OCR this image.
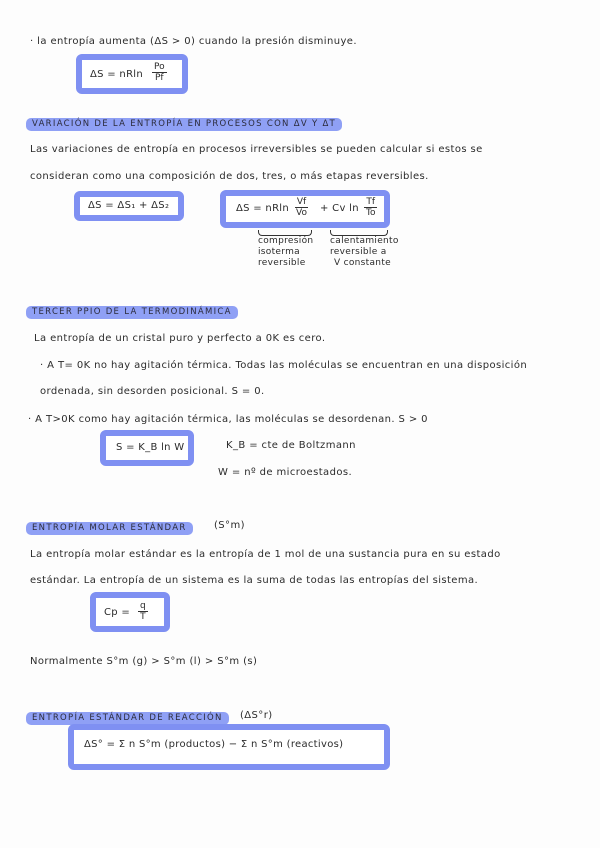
· la entropía aumenta (ΔS > 0) cuando la presión disminuye.
ΔS = nRln $\frac{Po}{Pf}$
VARIACIÓN DE LA ENTROPÍA EN PROCESOS CON ΔV Y ΔT
Las variaciones de entropía en procesos irreversibles se pueden calcular si estos se
consideran como una composición de dos, tres, o más etapas reversibles.
ΔS = ΔS₁ + ΔS₂	ΔS = nRln $\frac{Vf}{Vo} + Cv$ $\ln \frac{Tf}{To}$
compresión
isoterma
reversible
calentamiento
reversible a
V constante
TERCER PPIO DE LA TERMODINÁMICA
La entropía de un cristal puro y perfecto a 0K es cero.
· A T= 0K no hay agitación térmica. Todas las moléculas se encuentran en una disposición
ordenada, sin desorden posicional. S = 0.
· A T>0K como hay agitación térmica, las moléculas se desordenan. S > 0
S = K_B ln W	K_B = cte de Boltzmann
W = nº de microestados.
ENTROPÍA MOLAR ESTÁNDAR	(S°m)
La entropía molar estándar es la entropía de 1 mol de una sustancia pura en su estado
estándar. La entropía de un sistema es la suma de todas las entropías del sistema.
$Cp = \frac{q}{T}$
Normalmente S°m (g) > S°m (l) > S°m (s)
ENTROPÍA ESTÁNDAR DE REACCIÓN	(ΔS°r)
ΔS° = Σ n S°m (productos) − Σ n S°m (reactivos)
